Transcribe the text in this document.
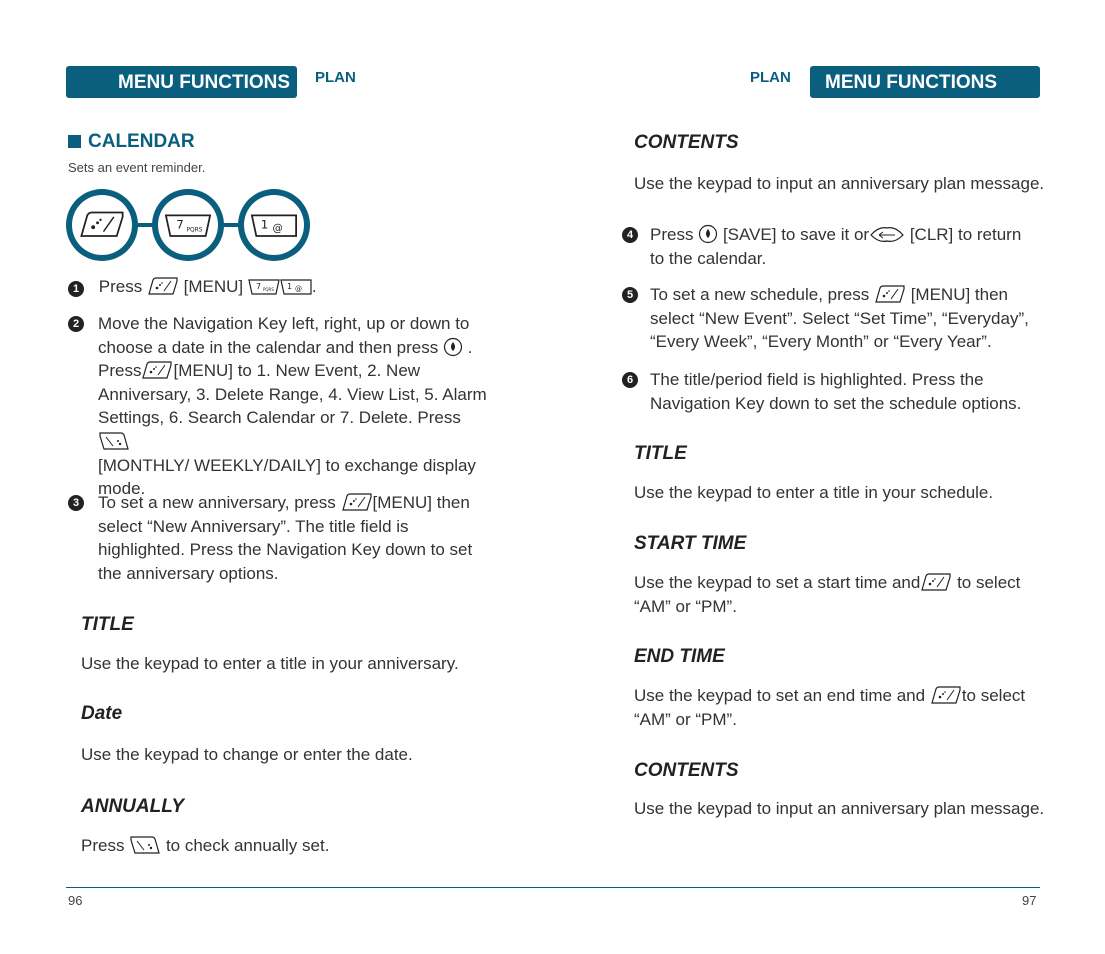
MENU FUNCTIONS	PLAN
CALENDAR
Sets an event reminder.
1 Press
[MENU]	.
2 Move the Navigation Key left, right, up or down to
choose a date in the calendar and then press .
Press [MENU] to 1. New Event, 2. New
Anniversary, 3. Delete Range, 4. View List, 5. Alarm
Settings, 6. Search Calendar or 7. Delete. Press
[MONTHLY/ WEEKLY/DAILY] to exchange display
mode.
3 To set a new anniversary, press [MENU] then
select “New Anniversary”. The title field is
highlighted. Press the Navigation Key down to set
the anniversary options.
TITLE
Use the keypad to enter a title in your anniversary.
Date
Use the keypad to change or enter the date.
ANNUALLY
Press to check annually set.
96	97
PLAN	MENU FUNCTIONS
CONTENTS
Use the keypad to input an anniversary plan message.
4 Press [SAVE] to save it or [CLR] to return
to the calendar.
5 To set a new schedule, press [MENU] then
select “New Event”. Select “Set Time”, “Everyday”,
“Every Week”, “Every Month” or “Every Year”.
6 The title/period field is highlighted. Press the
Navigation Key down to set the schedule options.
TITLE
Use the keypad to enter a title in your schedule.
START TIME
Use the keypad to set a start time and to select
“AM” or “PM”.
END TIME
Use the keypad to set an end time and to select
“AM” or “PM”.
CONTENTS
Use the keypad to input an anniversary plan message.
